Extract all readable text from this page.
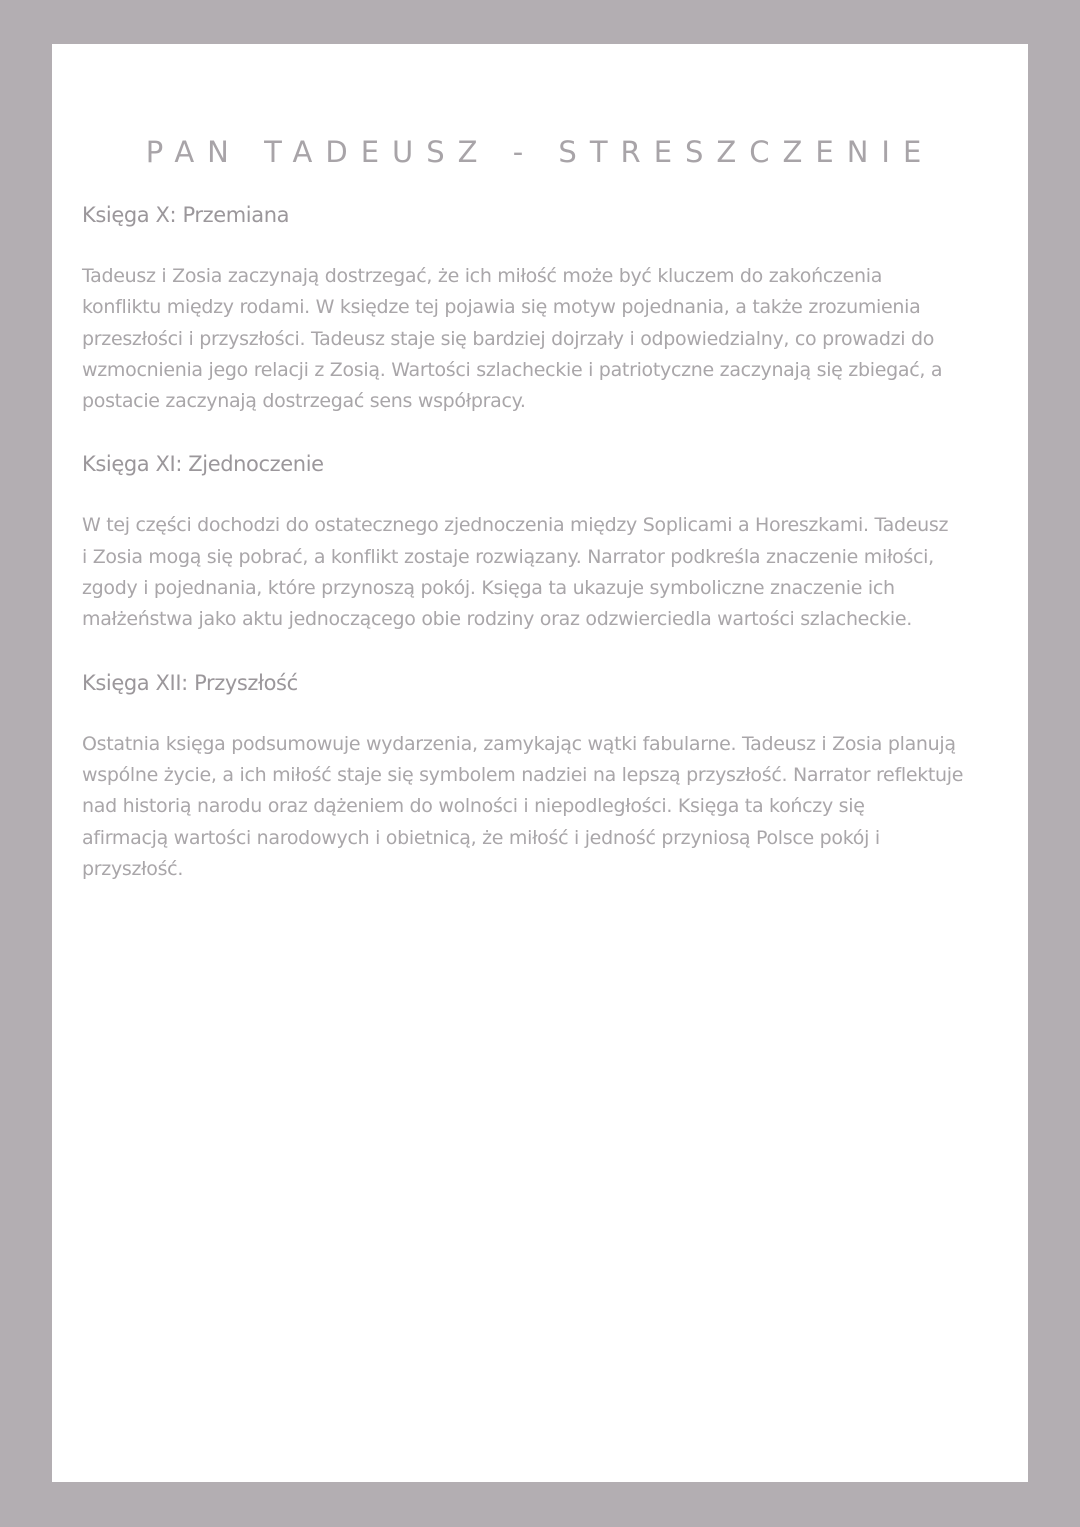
PAN TADEUSZ - STRESZCZENIE
Księga X: Przemiana

Tadeusz i Zosia zaczynają dostrzegać, że ich miłość może być kluczem do zakończenia
konfliktu między rodami. W księdze tej pojawia się motyw pojednania, a także zrozumienia
przeszłości i przyszłości. Tadeusz staje się bardziej dojrzały i odpowiedzialny, co prowadzi do
wzmocnienia jego relacji z Zosią. Wartości szlacheckie i patriotyczne zaczynają się zbiegać, a
postacie zaczynają dostrzegać sens współpracy.

Księga XI: Zjednoczenie

W tej części dochodzi do ostatecznego zjednoczenia między Soplicami a Horeszkami. Tadeusz
i Zosia mogą się pobrać, a konflikt zostaje rozwiązany. Narrator podkreśla znaczenie miłości,
zgody i pojednania, które przynoszą pokój. Księga ta ukazuje symboliczne znaczenie ich
małżeństwa jako aktu jednoczącego obie rodziny oraz odzwierciedla wartości szlacheckie.

Księga XII: Przyszłość

Ostatnia księga podsumowuje wydarzenia, zamykając wątki fabularne. Tadeusz i Zosia planują
wspólne życie, a ich miłość staje się symbolem nadziei na lepszą przyszłość. Narrator reflektuje
nad historią narodu oraz dążeniem do wolności i niepodległości. Księga ta kończy się
afirmacją wartości narodowych i obietnicą, że miłość i jedność przyniosą Polsce pokój i
przyszłość.
